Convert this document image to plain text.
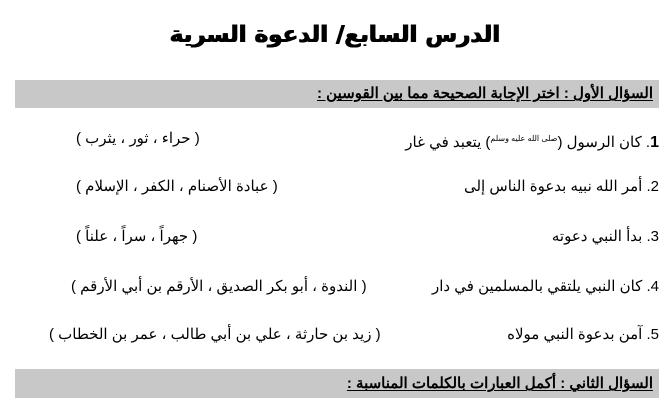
الدرس السابع/ الدعوة السرية
السؤال الأول : اختر الإجابة الصحيحة مما بين القوسين :
1. كان الرسول ($^{صلى الله عليه وسلم}$) يتعبد في غار
( حراء ، ثور ، يثرب )
2. أمر الله نبيه بدعوة الناس إلى
( عبادة الأصنام ، الكفر ، الإسلام )
3. بدأ النبي دعوته
( جهراً ، سراً ، علناً )
4. كان النبي يلتقي بالمسلمين في دار
( الندوة ، أبو بكر الصديق ، الأرقم بن أبي الأرقم )
5. آمن بدعوة النبي مولاه
( زيد بن حارثة ، علي بن أبي طالب ، عمر بن الخطاب )
السؤال الثاني : أكمل العبارات بالكلمات المناسبة :
